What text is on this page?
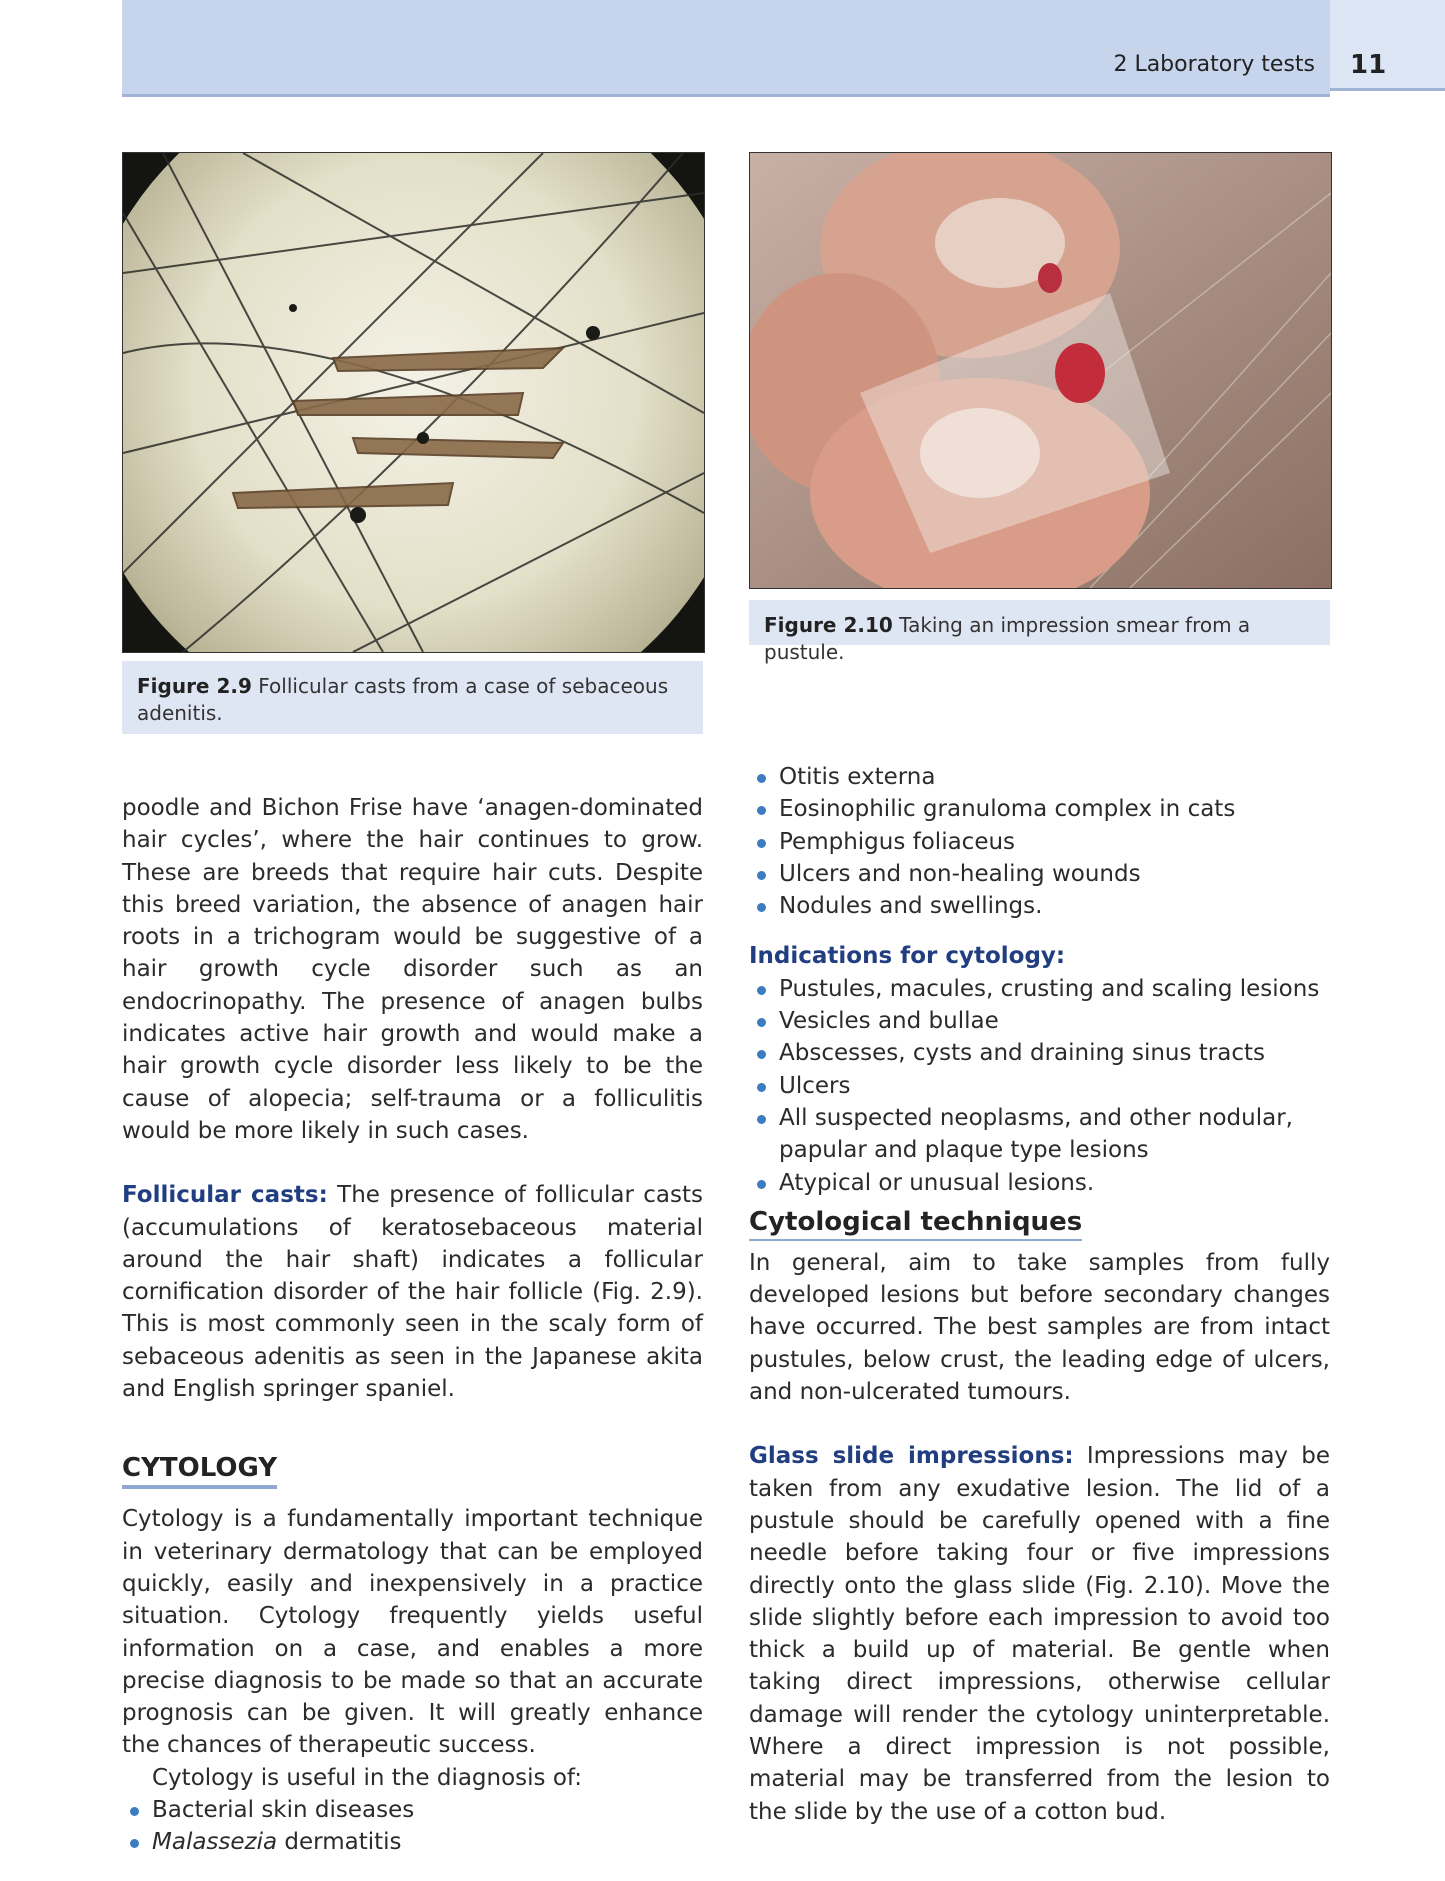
2 Laboratory tests 11
Figure 2.9 Follicular casts from a case of sebaceous adenitis.
Figure 2.10 Taking an impression smear from a pustule.

poodle and Bichon Frise have ‘anagen-dominated hair cycles’, where the hair continues to grow. These are breeds that require hair cuts. Despite this breed variation, the absence of anagen hair roots in a trichogram would be suggestive of a hair growth cycle disorder such as an endocrinopathy. The presence of anagen bulbs indicates active hair growth and would make a hair growth cycle disorder less likely to be the cause of alopecia; self-trauma or a folliculitis would be more likely in such cases.

Follicular casts: The presence of follicular casts (accumulations of keratosebaceous material around the hair shaft) indicates a follicular cornification disorder of the hair follicle (Fig. 2.9). This is most commonly seen in the scaly form of sebaceous adenitis as seen in the Japanese akita and English springer spaniel.

CYTOLOGY

Cytology is a fundamentally important technique in veterinary dermatology that can be employed quickly, easily and inexpensively in a practice situation. Cytology frequently yields useful information on a case, and enables a more precise diagnosis to be made so that an accurate prognosis can be given. It will greatly enhance the chances of therapeutic success.

Cytology is useful in the diagnosis of:

Bacterial skin diseases
Malassezia dermatitis
Otitis externa
Eosinophilic granuloma complex in cats
Pemphigus foliaceus
Ulcers and non-healing wounds
Nodules and swellings.
Indications for cytology:
Pustules, macules, crusting and scaling lesions
Vesicles and bullae
Abscesses, cysts and draining sinus tracts
Ulcers
All suspected neoplasms, and other nodular, papular and plaque type lesions
Atypical or unusual lesions.
Cytological techniques

In general, aim to take samples from fully developed lesions but before secondary changes have occurred. The best samples are from intact pustules, below crust, the leading edge of ulcers, and non-ulcerated tumours.

Glass slide impressions: Impressions may be taken from any exudative lesion. The lid of a pustule should be carefully opened with a fine needle before taking four or five impressions directly onto the glass slide (Fig. 2.10). Move the slide slightly before each impression to avoid too thick a build up of material. Be gentle when taking direct impressions, otherwise cellular damage will render the cytology uninterpretable. Where a direct impression is not possible, material may be transferred from the lesion to the slide by the use of a cotton bud.
